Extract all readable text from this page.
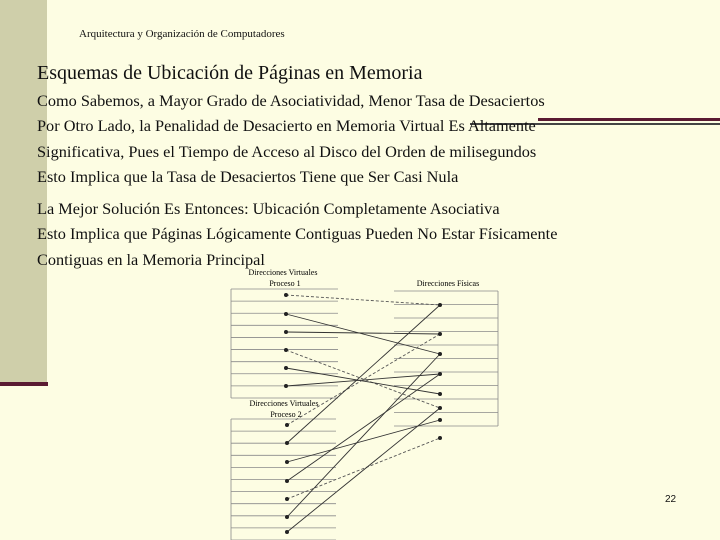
Arquitectura y Organización de Computadores
Esquemas de Ubicación de Páginas en Memoria
Como Sabemos, a Mayor Grado de Asociatividad, Menor Tasa de Desaciertos
Por Otro Lado, la Penalidad de Desacierto en Memoria Virtual Es Altamente
Significativa, Pues el Tiempo de Acceso al Disco del Orden de milisegundos
Esto Implica que la Tasa de Desaciertos Tiene que Ser Casi Nula
La Mejor Solución Es Entonces: Ubicación Completamente Asociativa
Esto Implica que Páginas Lógicamente Contiguas Pueden No Estar Físicamente
Contiguas en la Memoria Principal
Direcciones Virtuales
Proceso 1	Direcciones Físicas
Direcciones Virtuales
Proceso 2
22
